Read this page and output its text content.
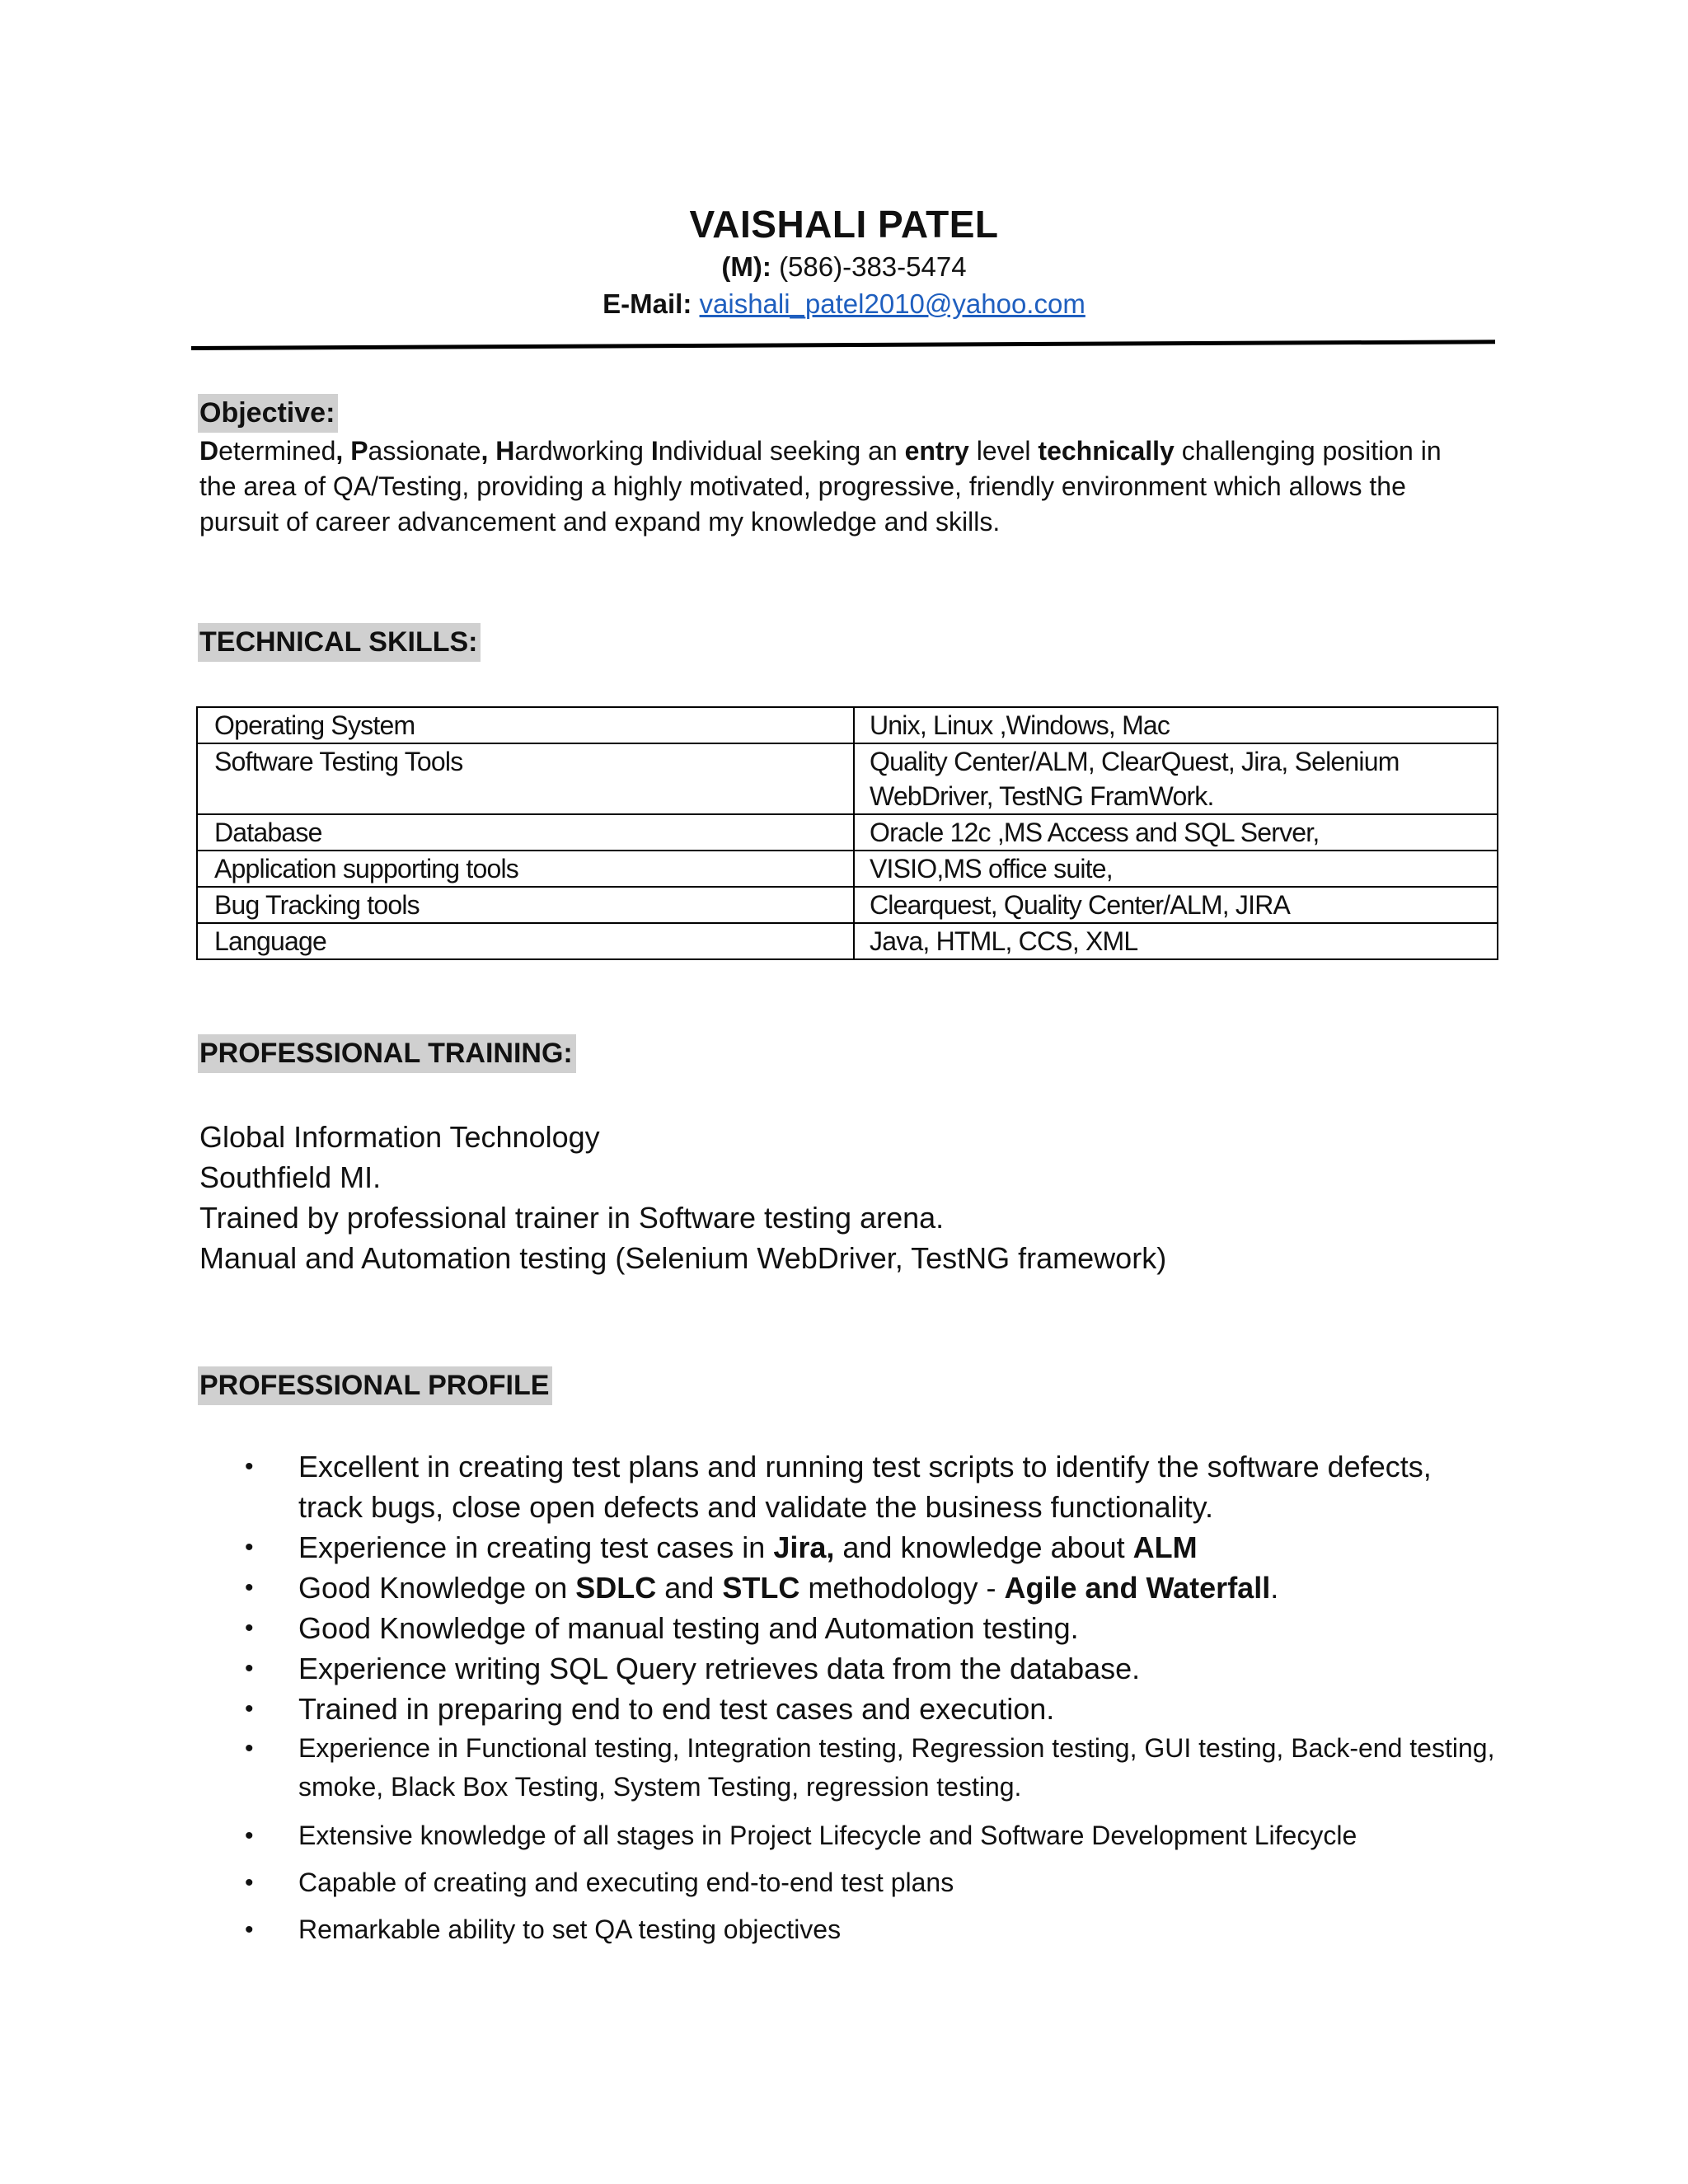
VAISHALI PATEL
(M): (586)-383-5474
E-Mail: vaishali_patel2010@yahoo.com
Objective:
Determined, Passionate, Hardworking Individual seeking an entry level technically challenging position in
the area of QA/Testing, providing a highly motivated, progressive, friendly environment which allows the
pursuit of career advancement and expand my knowledge and skills.
TECHNICAL SKILLS:
Operating System	Unix, Linux ,Windows, Mac

Software Testing Tools	Quality Center/ALM, ClearQuest, Jira, Selenium
WebDriver, TestNG FramWork.

Database	Oracle 12c ,MS Access and SQL Server,

Application supporting tools	VISIO,MS office suite,

Bug Tracking tools	Clearquest, Quality Center/ALM, JIRA

Language	Java, HTML, CCS, XML
PROFESSIONAL TRAINING:
Global Information Technology
Southfield MI.
Trained by professional trainer in Software testing arena.
Manual and Automation testing (Selenium WebDriver, TestNG framework)
PROFESSIONAL PROFILE
• Excellent in creating test plans and running test scripts to identify the software defects, track bugs, close open defects and validate the business functionality.
• Experience in creating test cases in Jira, and knowledge about ALM
• Good Knowledge on SDLC and STLC methodology - Agile and Waterfall.
• Good Knowledge of manual testing and Automation testing.
• Experience writing SQL Query retrieves data from the database.
• Trained in preparing end to end test cases and execution.
• Experience in Functional testing, Integration testing, Regression testing, GUI testing, Back-end testing, smoke, Black Box Testing, System Testing, regression testing.
• Extensive knowledge of all stages in Project Lifecycle and Software Development Lifecycle
• Capable of creating and executing end-to-end test plans
• Remarkable ability to set QA testing objectives
